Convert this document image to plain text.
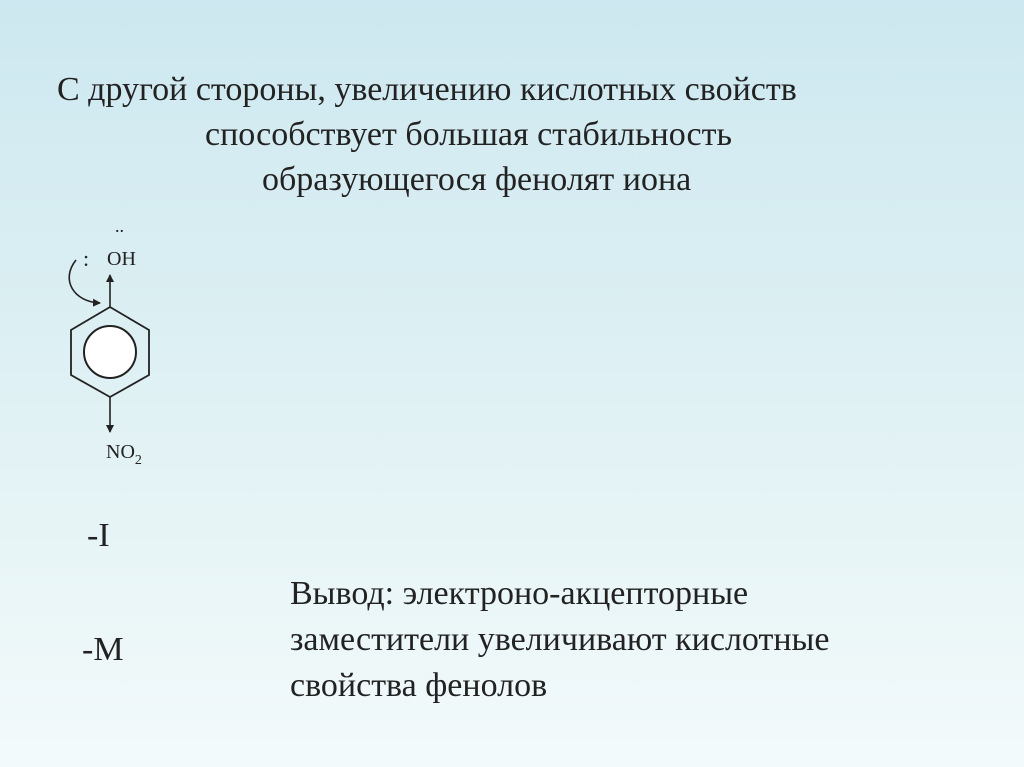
С другой стороны, увеличению кислотных свойств
способствует большая стабильность
образующегося фенолят иона
..
: OH
$NO_2$
-I
-M
Вывод: электроно-акцепторные
заместители увеличивают кислотные
свойства фенолов
